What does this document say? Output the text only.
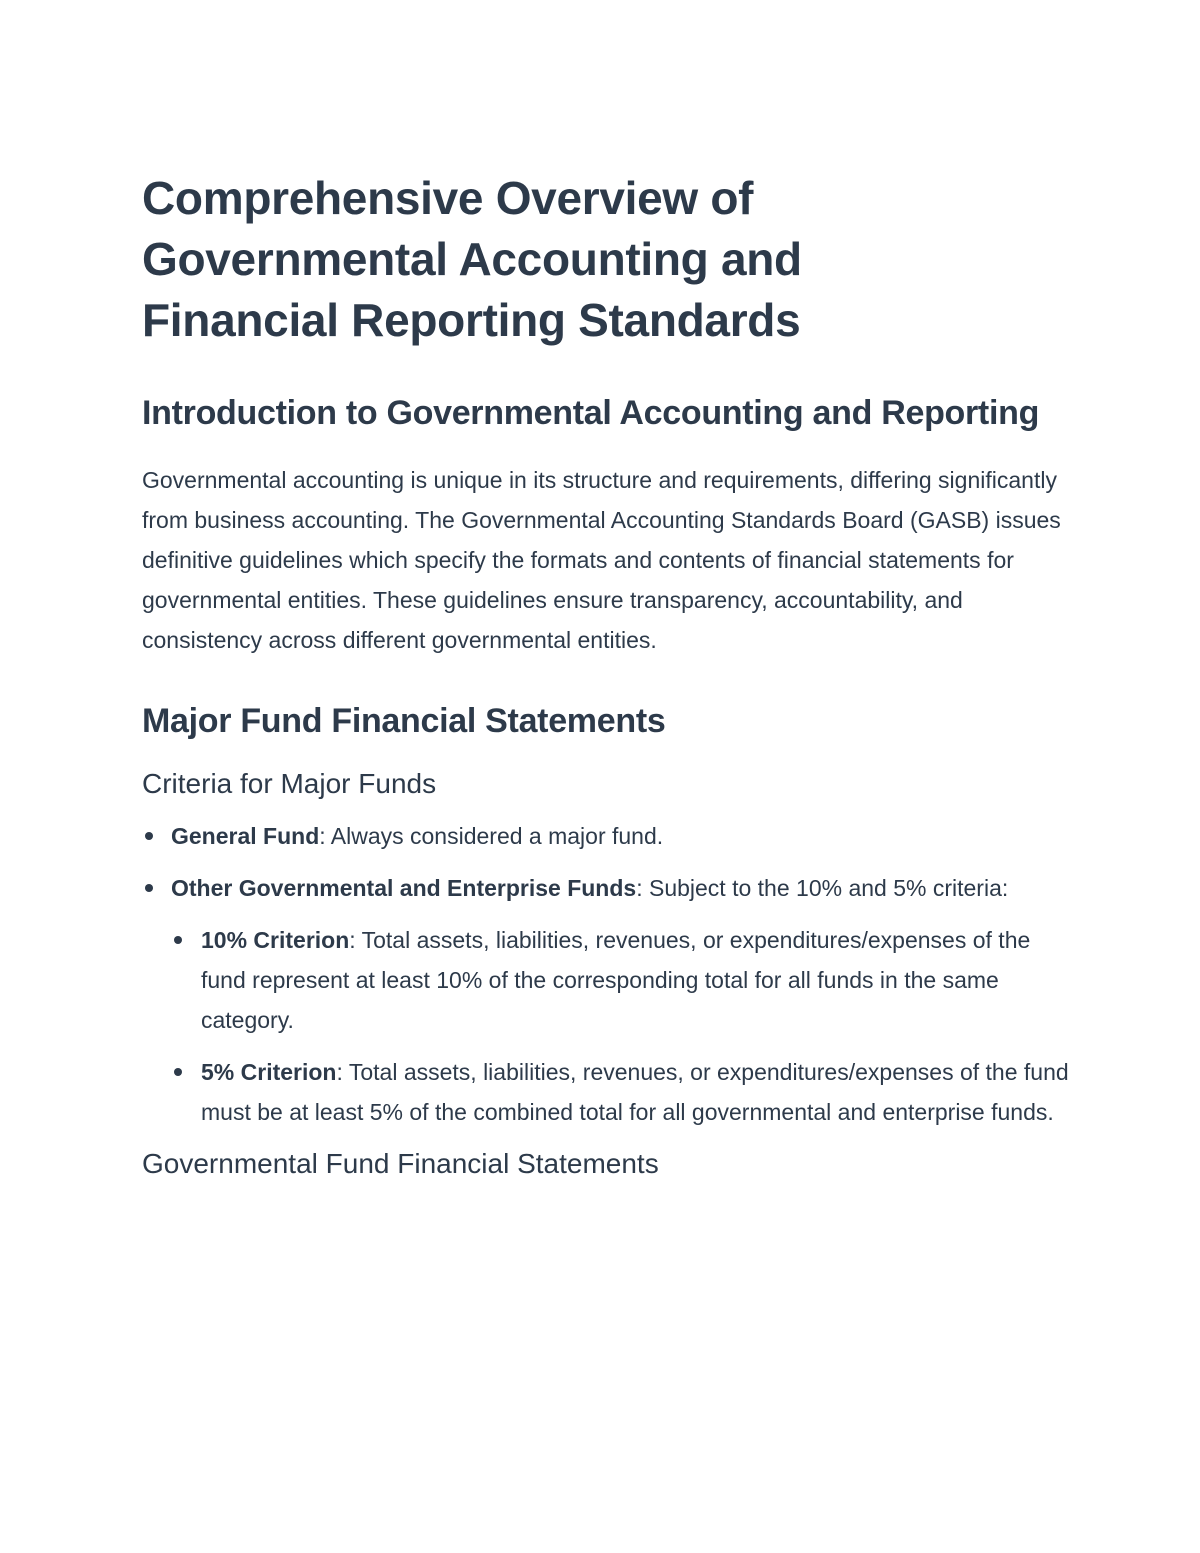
Comprehensive Overview of Governmental Accounting and Financial Reporting Standards
Introduction to Governmental Accounting and Reporting

Governmental accounting is unique in its structure and requirements, differing significantly from business accounting. The Governmental Accounting Standards Board (GASB) issues definitive guidelines which specify the formats and contents of financial statements for governmental entities. These guidelines ensure transparency, accountability, and consistency across different governmental entities.

Major Fund Financial Statements
Criteria for Major Funds
General Fund: Always considered a major fund.
Other Governmental and Enterprise Funds: Subject to the 10% and 5% criteria:
10% Criterion: Total assets, liabilities, revenues, or expenditures/expenses of the fund represent at least 10% of the corresponding total for all funds in the same category.
5% Criterion: Total assets, liabilities, revenues, or expenditures/expenses of the fund must be at least 5% of the combined total for all governmental and enterprise funds.
Governmental Fund Financial Statements
